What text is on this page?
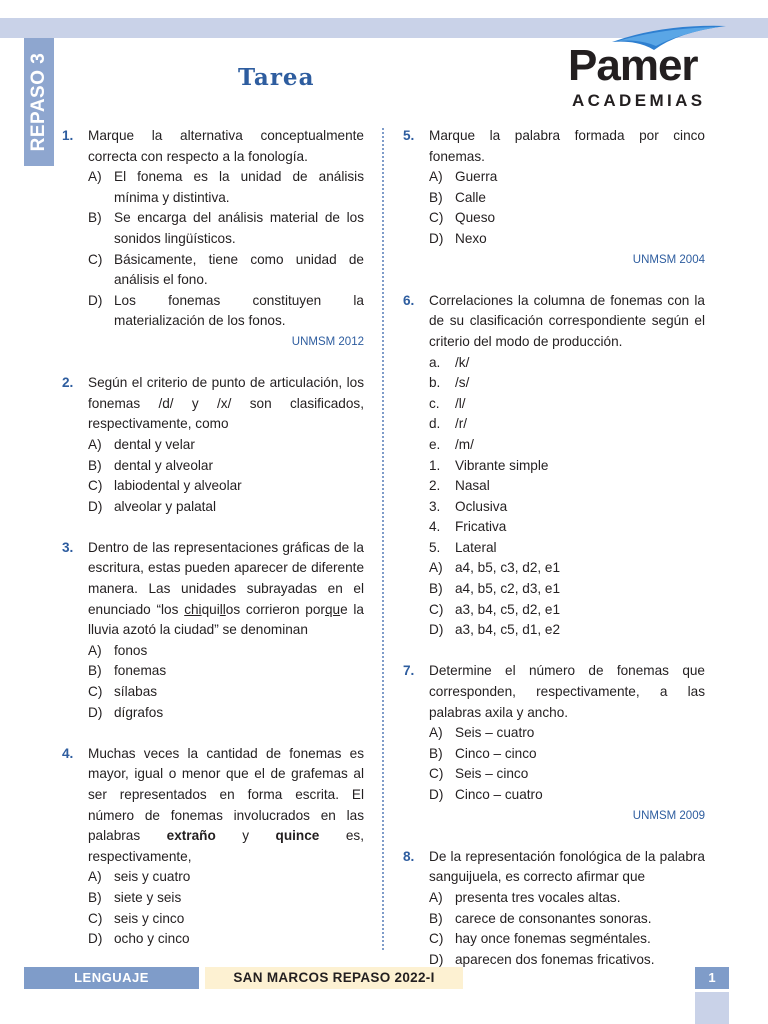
REPASO 3	Tarea	Pamer
ACADEMIAS
1.	Marque la alternativa conceptualmente correcta con respecto a la fonología.
A) El fonema es la unidad de análisis mínima y distintiva.
B) Se encarga del análisis material de los sonidos lingüísticos.
C) Básicamente, tiene como unidad de análisis el fono.
D) Los fonemas constituyen la materialización de los fonos.
UNMSM 2012
2.	Según el criterio de punto de articulación, los fonemas /d/ y /x/ son clasificados, respectivamente, como
A) dental y velar
B) dental y alveolar
C) labiodental y alveolar
D) alveolar y palatal
3.	Dentro de las representaciones gráficas de la escritura, estas pueden aparecer de diferente manera. Las unidades subrayadas en el enunciado “los chiquillos corrieron porque la lluvia azotó la ciudad” se denominan
A) fonos
B) fonemas
C) sílabas
D) dígrafos
4.	Muchas veces la cantidad de fonemas es mayor, igual o menor que el de grafemas al ser representados en forma escrita. El número de fonemas involucrados en las palabras extraño y quince es, respectivamente,
A) seis y cuatro
B) siete y seis
C) seis y cinco
D) ocho y cinco
5.	Marque la palabra formada por cinco fonemas.
A) Guerra
B) Calle
C) Queso
D) Nexo
UNMSM 2004
6.	Correlaciones la columna de fonemas con la de su clasificación correspondiente según el criterio del modo de producción.
a.	/k/
b.	/s/
c.	/l/
d.	/r/
e.	/m/
1.	Vibrante simple
2.	Nasal
3.	Oclusiva
4.	Fricativa
5.	Lateral
A) a4, b5, c3, d2, e1
B) a4, b5, c2, d3, e1
C) a3, b4, c5, d2, e1
D) a3, b4, c5, d1, e2
7.	Determine el número de fonemas que corresponden, respectivamente, a las palabras axila y ancho.
A) Seis – cuatro
B) Cinco – cinco
C) Seis – cinco
D) Cinco – cuatro
UNMSM 2009
8.	De la representación fonológica de la palabra sanguijuela, es correcto afirmar que
A) presenta tres vocales altas.
B) carece de consonantes sonoras.
C) hay once fonemas segméntales.
D) aparecen dos fonemas fricativos.
LENGUAJE	SAN MARCOS REPASO 2022-I	1
